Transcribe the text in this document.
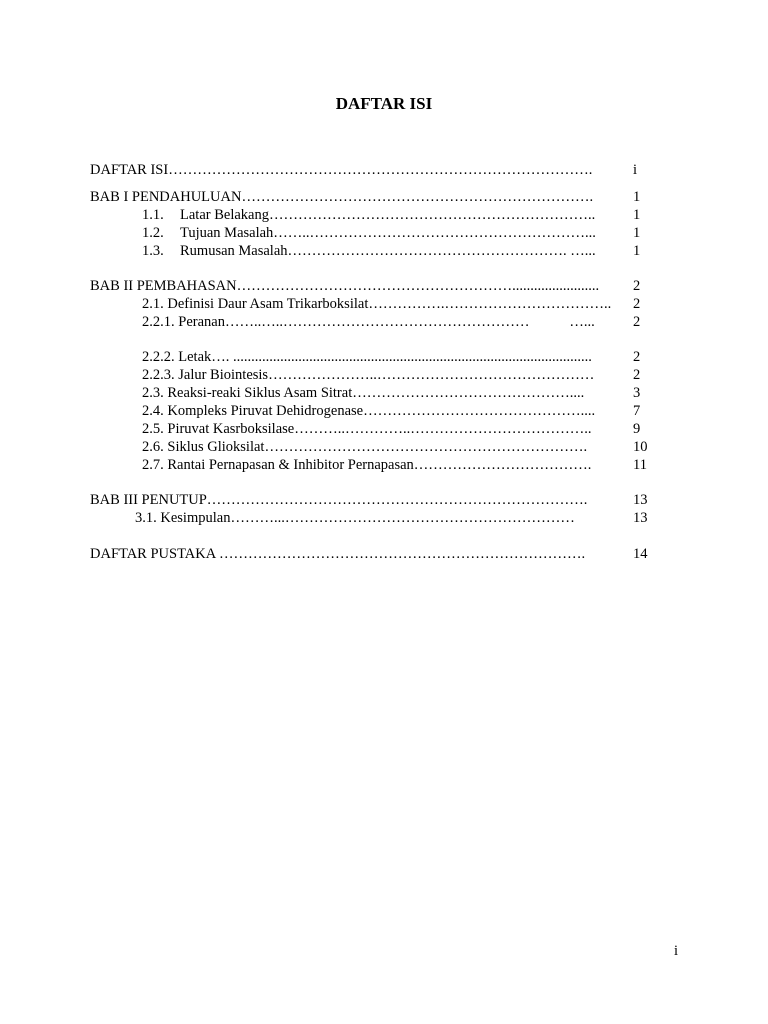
DAFTAR ISI
DAFTAR ISI…………………………………………………………………………….	i
BAB I PENDAHULUAN……………………………………………………………….	1
1.1.	Latar Belakang…………………………………………………………..	1
1.2.	Tujuan Masalah……..…………………………………………………...	1
1.3.	Rumusan Masalah…………………………………………………. …...	1
BAB II PEMBAHASAN…………………………………………………........................	2
2.1. Definisi Daur Asam Trikarboksilat…………….……………………………..	2
2.2.1. Peranan……..…..……………………………………………           …...	2
2.2.2. Letak…. ...................................................................................................	2
2.2.3. Jalur Biointesis…………………..………………………………………	2
2.3. Reaksi-reaki Siklus Asam Sitrat………………………………………....	3
2.4. Kompleks Piruvat Dehidrogenase………………………………………....	7
2.5. Piruvat Kasrboksilase………..…………..………………………………..	9
2.6. Siklus Glioksilat………………………………………………………….	10
2.7. Rantai Pernapasan & Inhibitor Pernapasan……………………………….	11
BAB III PENUTUP…………………………………………………………………….	13
3.1. Kesimpulan………...……………………………………………………	13
DAFTAR PUSTAKA ………………………………………………………………….	14
i
